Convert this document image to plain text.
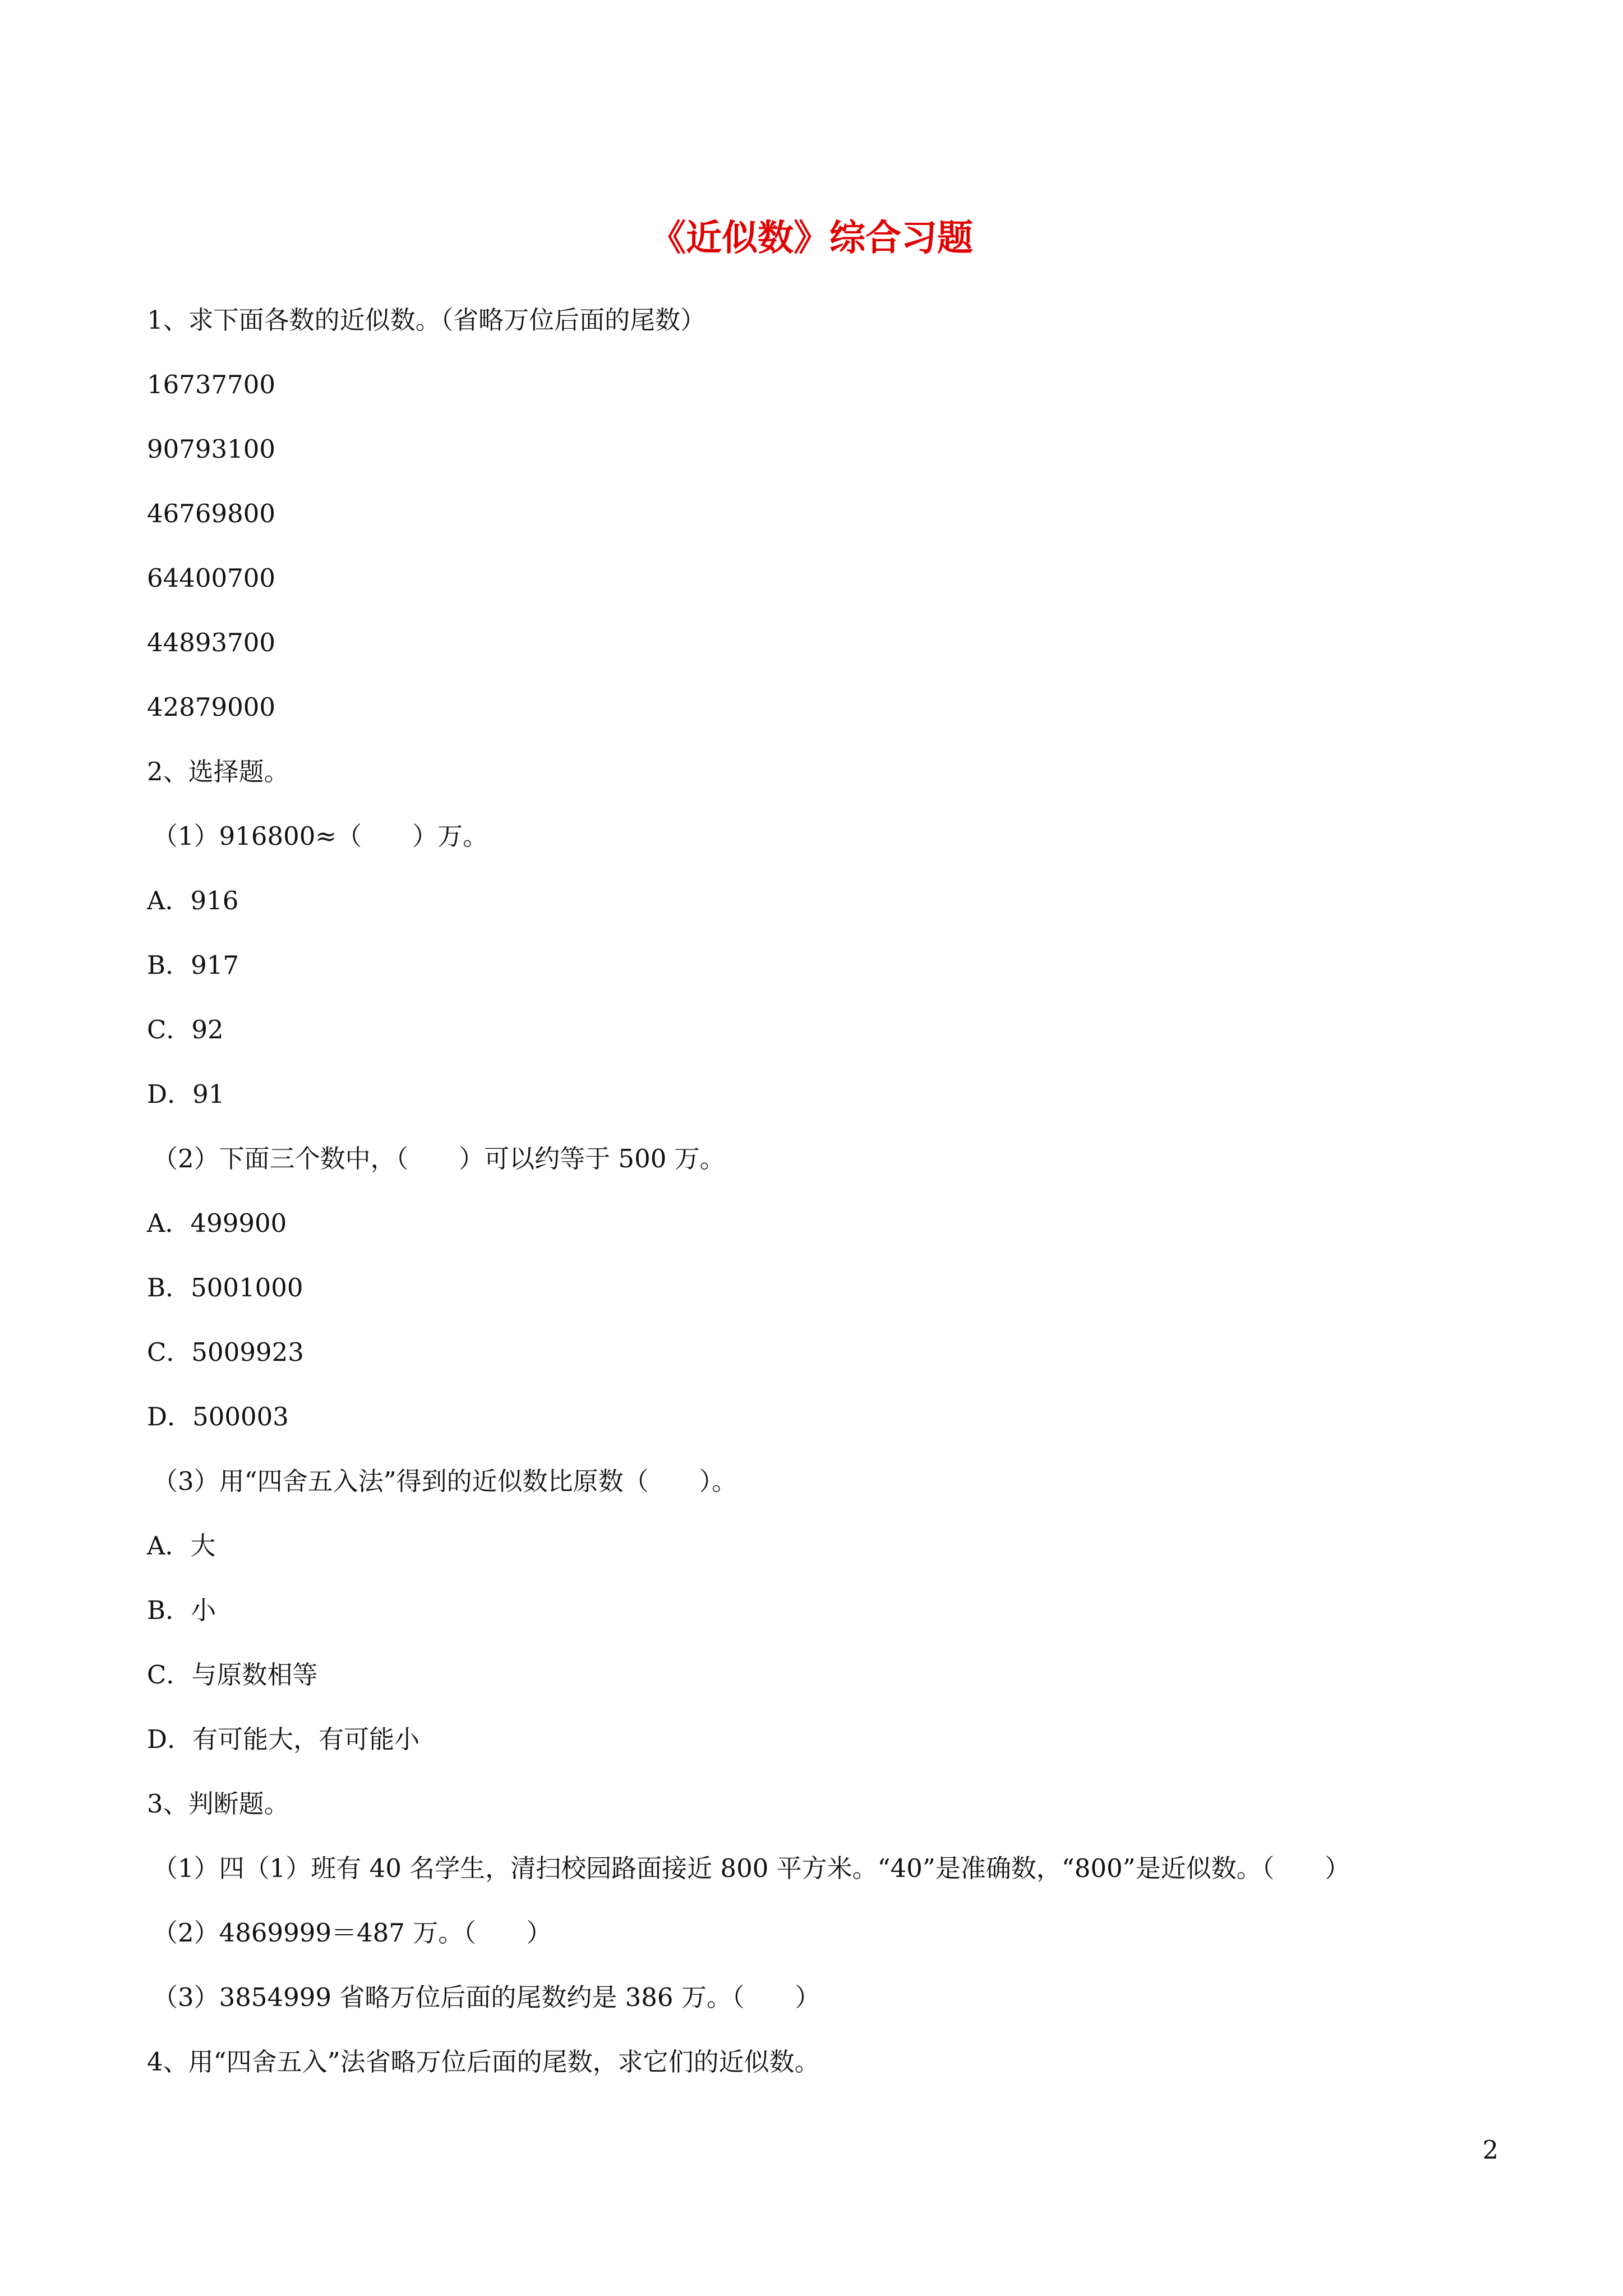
《近似数》综合习题
1、求下面各数的近似数。（省略万位后面的尾数）
16737700
90793100
46769800
64400700
44893700
42879000
2、选择题。
（1）916800≈（　　）万。
A．916
B．917
C．92
D．91
（2）下面三个数中，（　　）可以约等于 500 万。
A．499900
B．5001000
C．5009923
D．500003
（3）用“四舍五入法”得到的近似数比原数（　　）。
A．大
B．小
C．与原数相等
D．有可能大，有可能小
3、判断题。
（1）四（1）班有 40 名学生，清扫校园路面接近 800 平方米。“40”是准确数，“800”是近似数。（　　）
（2）4869999＝487 万。（　　）
（3）3854999 省略万位后面的尾数约是 386 万。（　　）
4、用“四舍五入”法省略万位后面的尾数，求它们的近似数。
2
